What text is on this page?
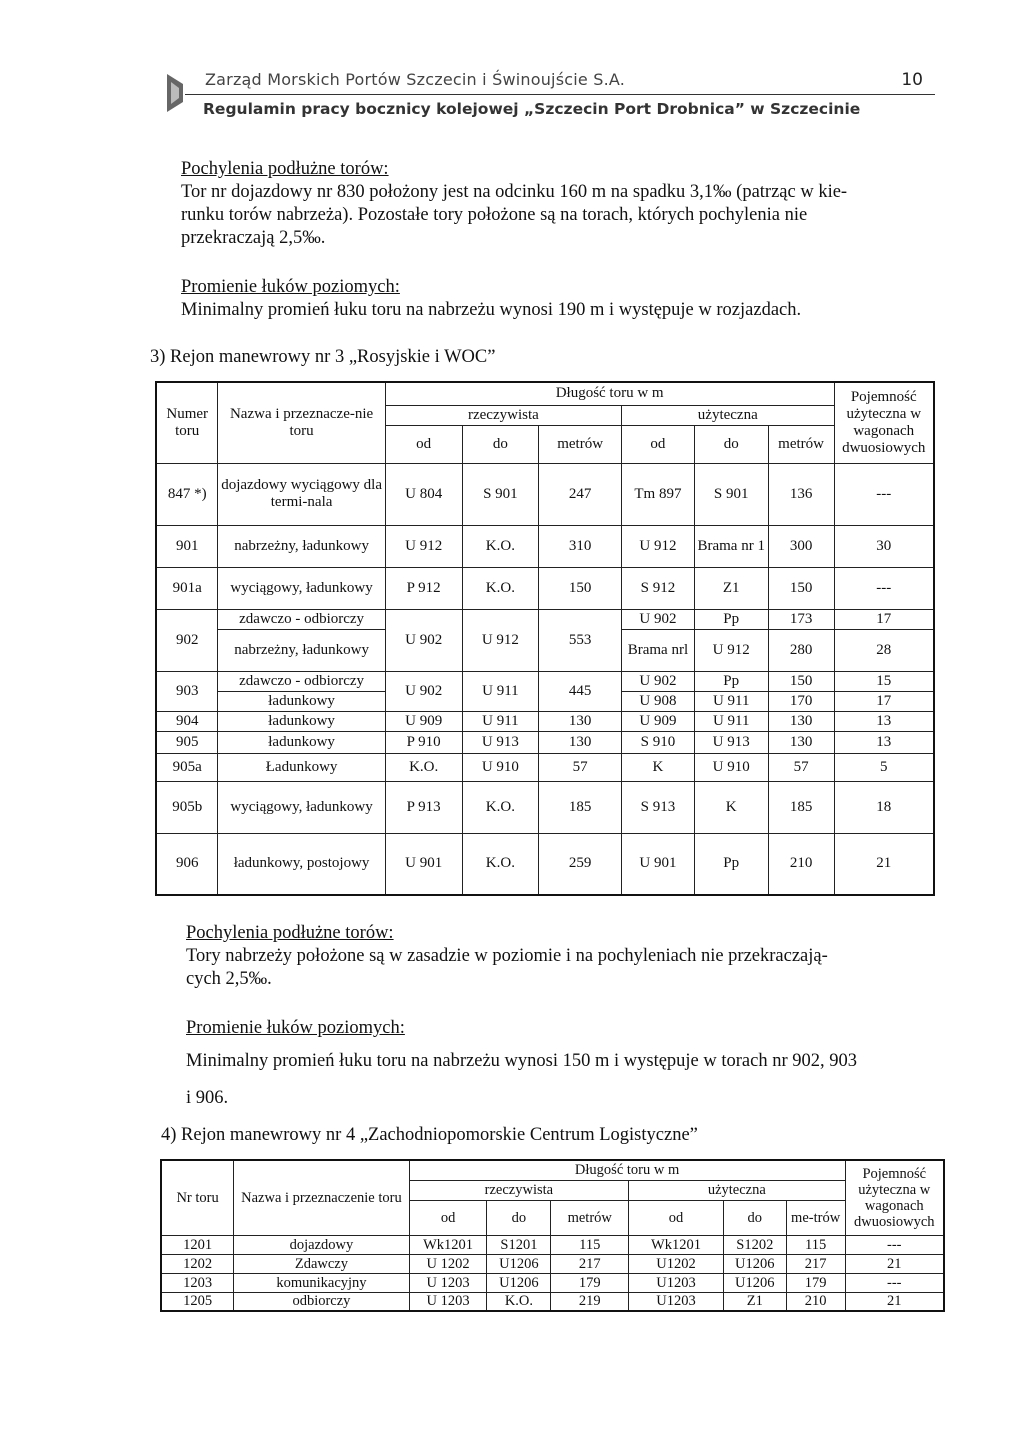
Zarząd Morskich Portów Szczecin i Świnoujście S.A.	10
Regulamin pracy bocznicy kolejowej „Szczecin Port Drobnica” w Szczecinie
Pochylenia podłużne torów:
Tor nr dojazdowy nr 830 położony jest na odcinku 160 m na spadku 3,1‰ (patrząc w kie-
runku torów nabrzeża). Pozostałe tory położone są na torach, których pochylenia nie
przekraczają 2,5‰.
Promienie łuków poziomych:
Minimalny promień łuku toru na nabrzeżu wynosi 190 m i występuje w rozjazdach.
3) Rejon manewrowy nr 3 „Rosyjskie i WOC”
Numer toru	Nazwa i przeznacze-nie toru	Długość toru w m						Pojemność użyteczna w wagonach dwuosiowych
		rzeczywista			użyteczna			
		od	do	metrów	od	do	metrów	
847 *)	dojazdowy wyciągowy dla termi-nala	U 804	S 901	247	Tm 897	S 901	136	---
901	nabrzeżny, ładunkowy	U 912	K.O.	310	U 912	Brama nr 1	300	30
901a	wyciągowy, ładunkowy	P 912	K.O.	150	S 912	Z1	150	---
902	zdawczo - odbiorczy	U 902	U 912	553	U 902	Pp	173	17
	nabrzeżny, ładunkowy				Brama nrl	U 912	280	28
903	zdawczo - odbiorczy	U 902	U 911	445	U 902	Pp	150	15
	ładunkowy				U 908	U 911	170	17
904	ładunkowy	U 909	U 911	130	U 909	U 911	130	13
905	ładunkowy	P 910	U 913	130	S 910	U 913	130	13
905a	Ładunkowy	K.O.	U 910	57	K	U 910	57	5
905b	wyciągowy, ładunkowy	P 913	K.O.	185	S 913	K	185	18
906	ładunkowy, postojowy	U 901	K.O.	259	U 901	Pp	210	21
Pochylenia podłużne torów:
Tory nabrzeży położone są w zasadzie w poziomie i na pochyleniach nie przekraczają-
cych 2,5‰.
Promienie łuków poziomych:
Minimalny promień łuku toru na nabrzeżu wynosi 150 m i występuje w torach nr 902, 903
i 906.
4) Rejon manewrowy nr 4 „Zachodniopomorskie Centrum Logistyczne”
Nr toru	Nazwa i przeznaczenie toru	Długość toru w m						Pojemność użyteczna w wagonach dwuosiowych
		rzeczywista			użyteczna			
		od	do	metrów	od	do	me-trów	
1201	dojazdowy	Wk1201	S1201	115	Wk1201	S1202	115	---
1202	Zdawczy	U 1202	U1206	217	U1202	U1206	217	21
1203	komunikacyjny	U 1203	U1206	179	U1203	U1206	179	---
1205	odbiorczy	U 1203	K.O.	219	U1203	Z1	210	21
